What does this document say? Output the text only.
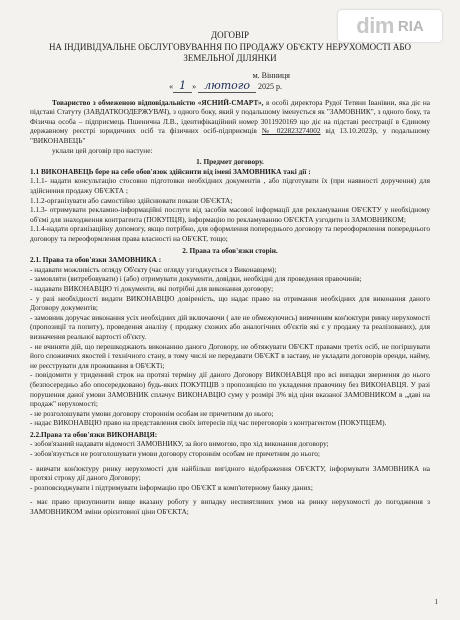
dim RIA
ДОГОВІР
НА ІНДИВІДУАЛЬНЕ ОБСЛУГОВУВАННЯ ПО ПРОДАЖУ ОБ'ЄКТУ НЕРУХОМОСТІ АБО
ЗЕМЕЛЬНОЇ ДІЛЯНКИ
м. Вінниця
« 1 » лютого 2025 р.
Товариство з обмеженою відповідальністю «ЯСНИЙ-СМАРТ», в особі директора Рудої Тетяни Іванівни, яка діє на підставі Статуту (ЗАВДАТКООДЕРЖУВАЧ), з одного боку, який у подальшому іменується як "ЗАМОВНИК", з одного боку, та Фізична особа – підприємець Пшенична Л.В., ідентифікаційний номер 3011920169 що діє на підставі реєстрації в Єдиному державному реєстрі юридичних осіб та фізичних осіб-підприємців № 022823274002 від 13.10.2023р, у подальшому "ВИКОНАВЕЦЬ"
уклали цей договір про настуне:
1. Предмет договору.
1.1 ВИКОНАВЕЦЬ бере на себе обов'язок здійснити від імені ЗАМОВНИКА такі дії :
1.1.1- надати консультацію стосовно підготовки необхідних документів , або підготувати їх (при наявності доручення) для здійснення продажу ОБ'ЄКТА ;
1.1.2-організувати або самостійно здійснювати покази ОБ'ЄКТА;
1.1.3- отримувати рекламно-інформаційні послуги від засобів масової інформації для рекламування ОБ'ЄКТУ у необхідному об'ємі для знаходження контрагента (ПОКУПЦЯ), інформацію по рекламуванню ОБ'ЄКТА узгодити із ЗАМОВНИКОМ;
1.1.4-надати організаційну допомогу, якщо потрібно, для оформлення попереднього договору та переоформлення попереднього договору та переоформлення права власності на ОБ'ЄКТ, тощо;
2. Права та обов'язки сторін.
2.1. Права та обов'язки ЗАМОВНИКА :
- надавати можливість огляду Об'єкту (час огляду узгоджується з Виконавцем);
- замовляти (витребовувати) і (або) отримувати документи, довідки, необхідні для проведення правочинів;
- надавати ВИКОНАВЦЮ ті документи, які потрібні для виконання договору;
- у разі необхідності видати ВИКОНАВЦЮ довіреність, що надає право на отримання необхідних для виконання даного Договору документів;
- замовник доручає виконання усіх необхідних дій включаючи ( але не обмежуючись) вивченням кон'юктури ринку нерухомості (пропозиції та попиту), проведення аналізу ( продажу схожих або аналогічних об'єктів які є у продажу та реалізованих), для визначення реальної вартості об'єкту.
- не вчиняти дій, що перешкоджають виконанню даного Договору, не обтяжувати ОБ'ЄКТ правами третіх осіб, не погіршувати його споживчих якостей і технічного стану, в тому числі не передавати ОБ'ЄКТ в заставу, не укладати договорів оренди, найму, не реєструвати для проживання в ОБ'ЄКТі;
- повідомити у триденний строк на протязі терміну дії даного Договору ВИКОНАВЦЯ про всі випадки звернення до нього (безпосередньо або опосередковано) будь-яких ПОКУПЦІВ з пропозицією по укладення правочину без ВИКОНАВЦЯ. У разі порушення даної умови ЗАМОВНИК сплачує ВИКОНАВЦЮ суму у розмірі 3% від ціни вказаної ЗАМОВНИКОМ в „даві на продаж" нерухомості;
- не розголошувати умови договору стороннім особам не причетним до нього;
- надає ВИКОНАВЦЮ право на представлення своїх інтересів під час переговорів з контрагентом (ПОКУПЦЕМ).
2.2.Права та обов'язки ВИКОНАВЦЯ:
- зобов'язаний надавати відомості ЗАМОВНИКУ, за його вимогою, про хід виконання договору;
- зобов'язується не розголошувати умови договору стороннім особам не причетним до нього;
- вивчати кон'юктуру ринку нерухомості для найбільш вигідного відображення ОБ'ЄКТУ, інформувати ЗАМОВНИКА на протязі строку дії даного Договору;
- розповсюджувати і підтримувати інформацію про ОБ'ЄКТ в комп'ютерному банку даних;
- має право призупинити вище вказану роботу у випадку неспиятливих умов на ринку нерухомості до погодження з ЗАМОВНИКОМ зміни орієнтовної ціни ОБ'ЄКТА;
1
